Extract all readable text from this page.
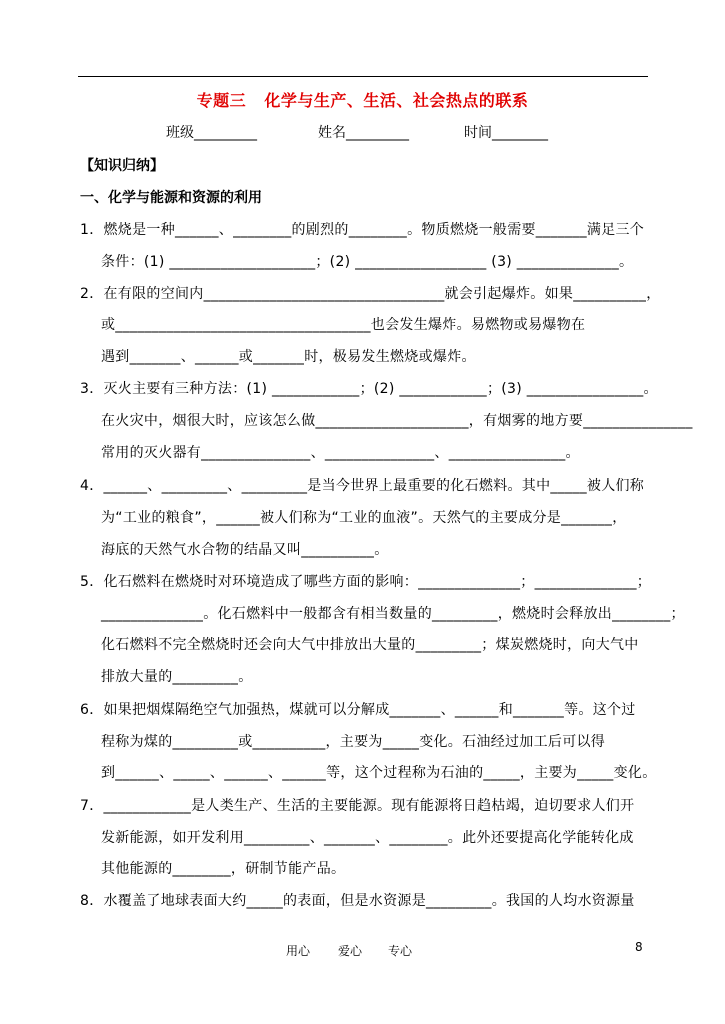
专题三   化学与生产、生活、社会热点的联系
班级_________	姓名_________	时间________
【知识归纳】
一、化学与能源和资源的利用
1．燃烧是一种______、________的剧烈的________。物质燃烧一般需要_______满足三个
条件：(1) ____________________；(2) __________________ (3) ______________。
2．在有限的空间内_________________________________就会引起爆炸。如果__________，
或___________________________________也会发生爆炸。易燃物或易爆物在
遇到_______、______或_______时，极易发生燃烧或爆炸。
3．灭火主要有三种方法：(1) ____________；(2) ____________；(3) ________________。
在火灾中，烟很大时，应该怎么做_____________________，有烟雾的地方要_______________
常用的灭火器有_______________、_______________、________________。
4．______、_________、_________是当今世界上最重要的化石燃料。其中_____被人们称
为“工业的粮食”，______被人们称为“工业的血液”。天然气的主要成分是_______，
海底的天然气水合物的结晶又叫__________。
5．化石燃料在燃烧时对环境造成了哪些方面的影响：______________；______________；
______________。化石燃料中一般都含有相当数量的_________，燃烧时会释放出________；
化石燃料不完全燃烧时还会向大气中排放出大量的_________；煤炭燃烧时，向大气中
排放大量的_________。
6．如果把烟煤隔绝空气加强热，煤就可以分解成_______、______和_______等。这个过
程称为煤的_________或__________，主要为_____变化。石油经过加工后可以得
到______、_____、______、______等，这个过程称为石油的_____，主要为_____变化。
7．____________是人类生产、生活的主要能源。现有能源将日趋枯竭，迫切要求人们开
发新能源，如开发利用_________、_______、________。此外还要提高化学能转化成
其他能源的________，研制节能产品。
8．水覆盖了地球表面大约_____的表面，但是水资源是_________。我国的人均水资源量
用心 爱心 专心	8
